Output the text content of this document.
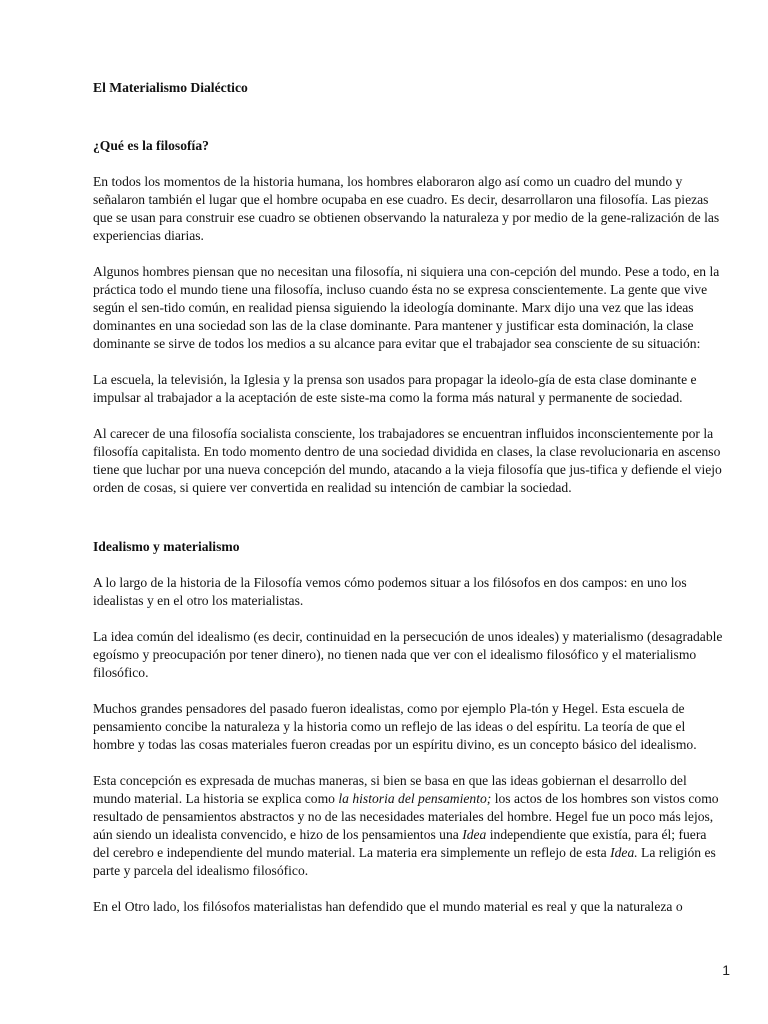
El Materialismo Dialéctico
¿Qué es la filosofía?

En todos los momentos de la historia humana, los hombres elaboraron algo así como un cuadro del mundo y señalaron también el lugar que el hombre ocupaba en ese cuadro. Es decir, desarrollaron una filosofía. Las piezas que se usan para construir ese cuadro se obtienen observando la naturaleza y por medio de la gene-ralización de las experiencias diarias.

Algunos hombres piensan que no necesitan una filosofía, ni siquiera una con-cepción del mundo. Pese a todo, en la práctica todo el mundo tiene una filosofía, incluso cuando ésta no se expresa conscientemente. La gente que vive según el sen-tido común, en realidad piensa siguiendo la ideología dominante. Marx dijo una vez que las ideas dominantes en una sociedad son las de la clase dominante. Para mantener y justificar esta dominación, la clase dominante se sirve de todos los medios a su alcance para evitar que el trabajador sea consciente de su situación:

La escuela, la televisión, la Iglesia y la prensa son usados para propagar la ideolo-gía de esta clase dominante e impulsar al trabajador a la aceptación de este siste-ma como la forma más natural y permanente de sociedad.

Al carecer de una filosofía socialista consciente, los trabajadores se encuentran influidos inconscientemente por la filosofía capitalista. En todo momento dentro de una sociedad dividida en clases, la clase revolucionaria en ascenso tiene que luchar por una nueva concepción del mundo, atacando a la vieja filosofía que jus-tifica y defiende el viejo orden de cosas, si quiere ver convertida en realidad su intención de cambiar la sociedad.

Idealismo y materialismo

A lo largo de la historia de la Filosofía vemos cómo podemos situar a los filósofos en dos campos: en uno los idealistas y en el otro los materialistas.

La idea común del idealismo (es decir, continuidad en la persecución de unos ideales) y materialismo (desagradable egoísmo y preocupación por tener dinero), no tienen nada que ver con el idealismo filosófico y el materialismo filosófico.

Muchos grandes pensadores del pasado fueron idealistas, como por ejemplo Pla-tón y Hegel. Esta escuela de pensamiento concibe la naturaleza y la historia como un reflejo de las ideas o del espíritu. La teoría de que el hombre y todas las cosas materiales fueron creadas por un espíritu divino, es un concepto básico del idealismo.

Esta concepción es expresada de muchas maneras, si bien se basa en que las ideas gobiernan el desarrollo del mundo material. La historia se explica como la historia del pensamiento; los actos de los hombres son vistos como resultado de pensamientos abstractos y no de las necesidades materiales del hombre. Hegel fue un poco más lejos, aún siendo un idealista convencido, e hizo de los pensamientos una Idea independiente que existía, para él; fuera del cerebro e independiente del mundo material. La materia era simplemente un reflejo de esta Idea. La religión es parte y parcela del idealismo filosófico.

En el Otro lado, los filósofos materialistas han defendido que el mundo material es real y que la naturaleza o

1
